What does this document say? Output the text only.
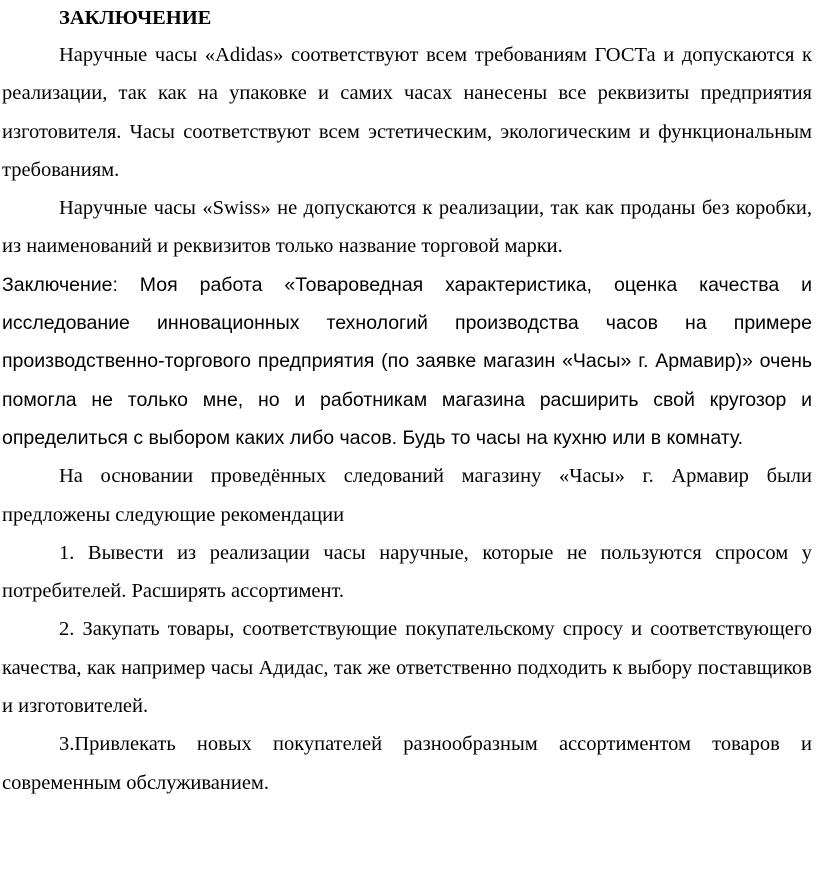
ЗАКЛЮЧЕНИЕ

Наручные часы «Adidas» соответствуют всем требованиям ГОСТа и допускаются к реализации, так как на упаковке и самих часах нанесены все реквизиты предприятия изготовителя. Часы соответствуют всем эстетическим, экологическим и функциональным требованиям.

Наручные часы «Swiss» не допускаются к реализации, так как проданы без коробки, из наименований и реквизитов только название торговой марки.

Заключение: Моя работа «Товароведная характеристика, оценка качества и исследование инновационных технологий производства часов на примере производственно-торгового предприятия (по заявке магазин «Часы» г. Армавир)» очень помогла не только мне, но и работникам магазина расширить свой кругозор и определиться с выбором каких либо часов. Будь то часы на кухню или в комнату.

На основании проведённых следований магазину «Часы» г. Армавир были предложены следующие рекомендации

1. Вывести из реализации часы наручные, которые не пользуются спросом у потребителей. Расширять ассортимент.

2. Закупать товары, соответствующие покупательскому спросу и соответствующего качества, как например часы Адидас, так же ответственно подходить к выбору поставщиков и изготовителей.

3.Привлекать новых покупателей разнообразным ассортиментом товаров и современным обслуживанием.
